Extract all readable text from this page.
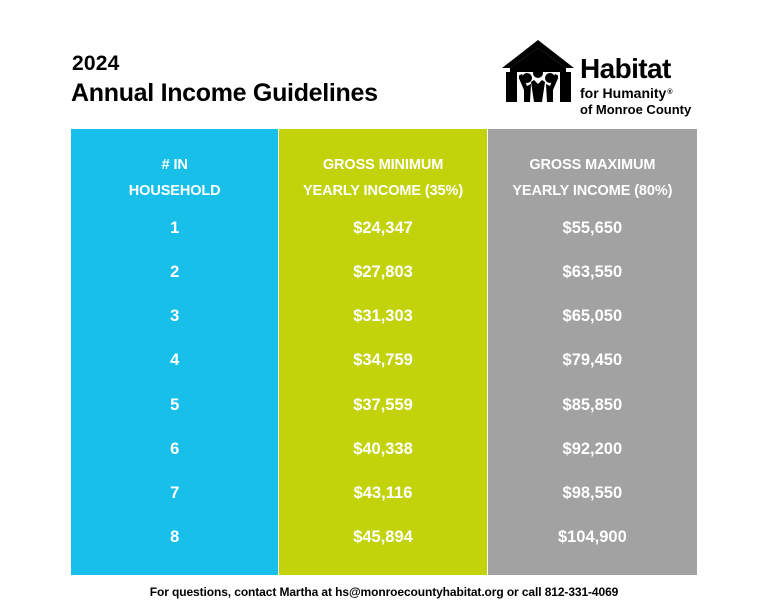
2024
Annual Income Guidelines
Habitat
for Humanity®
of Monroe County
# IN
HOUSEHOLD
1
2
3
4
5
6
7
8
GROSS MINIMUM
YEARLY INCOME (35%)
$24,347
$27,803
$31,303
$34,759
$37,559
$40,338
$43,116
$45,894
GROSS MAXIMUM
YEARLY INCOME (80%)
$55,650
$63,550
$65,050
$79,450
$85,850
$92,200
$98,550
$104,900
For questions, contact Martha at hs@monroecountyhabitat.org or call 812-331-4069
